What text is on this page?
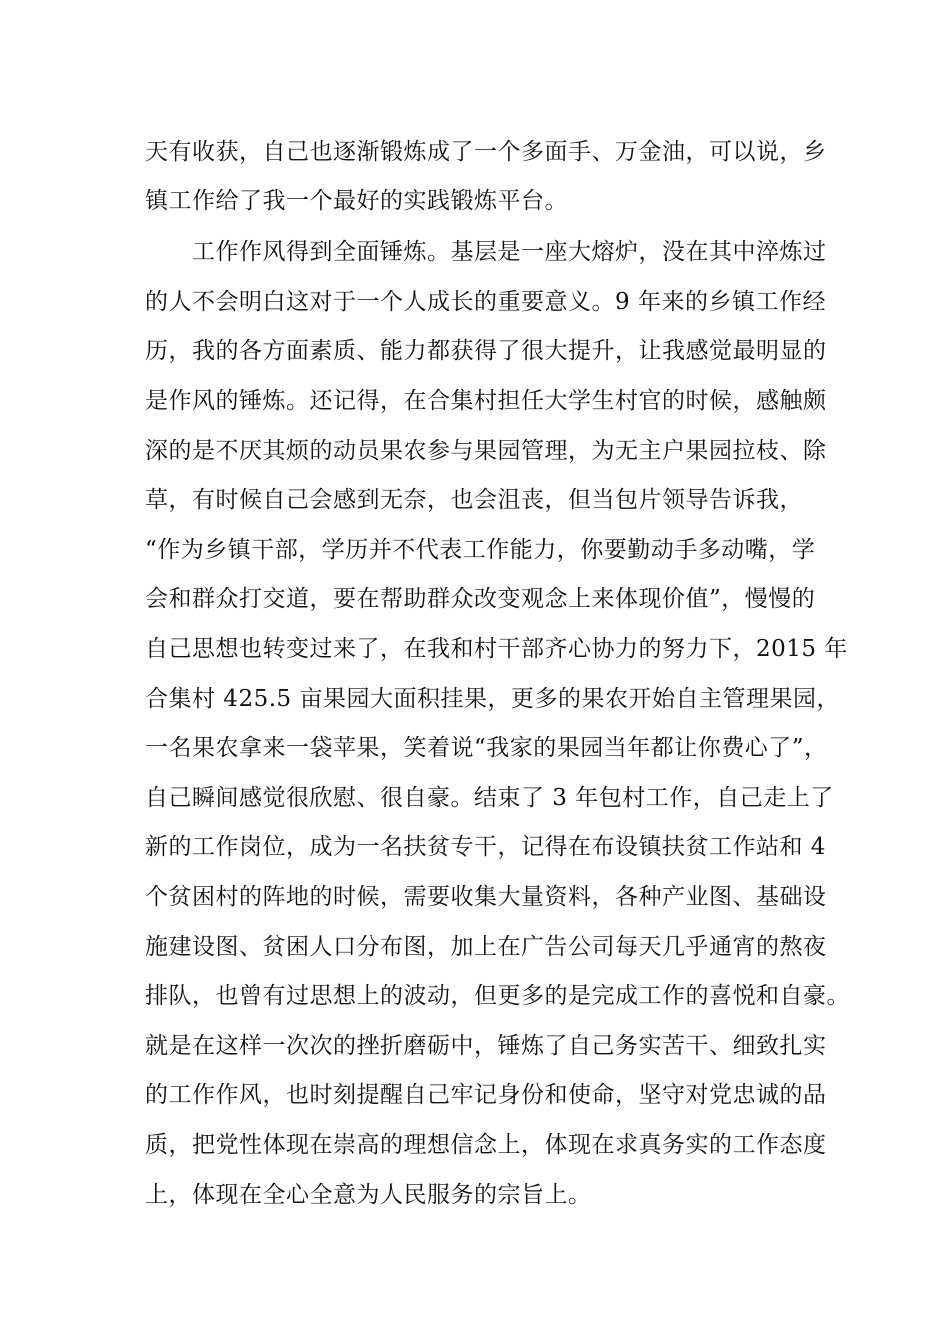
天有收获，自己也逐渐锻炼成了一个多面手、万金油，可以说，乡
镇工作给了我一个最好的实践锻炼平台。
工作作风得到全面锤炼。基层是一座大熔炉，没在其中淬炼过
的人不会明白这对于一个人成长的重要意义。9 年来的乡镇工作经
历，我的各方面素质、能力都获得了很大提升，让我感觉最明显的
是作风的锤炼。还记得，在合集村担任大学生村官的时候，感触颇
深的是不厌其烦的动员果农参与果园管理，为无主户果园拉枝、除
草，有时候自己会感到无奈，也会沮丧，但当包片领导告诉我，
“作为乡镇干部，学历并不代表工作能力，你要勤动手多动嘴，学
会和群众打交道，要在帮助群众改变观念上来体现价值”，慢慢的
自己思想也转变过来了，在我和村干部齐心协力的努力下，2015 年
合集村 425.5 亩果园大面积挂果，更多的果农开始自主管理果园，
一名果农拿来一袋苹果，笑着说“我家的果园当年都让你费心了”，
自己瞬间感觉很欣慰、很自豪。结束了 3 年包村工作，自己走上了
新的工作岗位，成为一名扶贫专干，记得在布设镇扶贫工作站和 4
个贫困村的阵地的时候，需要收集大量资料，各种产业图、基础设
施建设图、贫困人口分布图，加上在广告公司每天几乎通宵的熬夜
排队，也曾有过思想上的波动，但更多的是完成工作的喜悦和自豪。
就是在这样一次次的挫折磨砺中，锤炼了自己务实苦干、细致扎实
的工作作风，也时刻提醒自己牢记身份和使命，坚守对党忠诚的品
质，把党性体现在崇高的理想信念上，体现在求真务实的工作态度
上，体现在全心全意为人民服务的宗旨上。
